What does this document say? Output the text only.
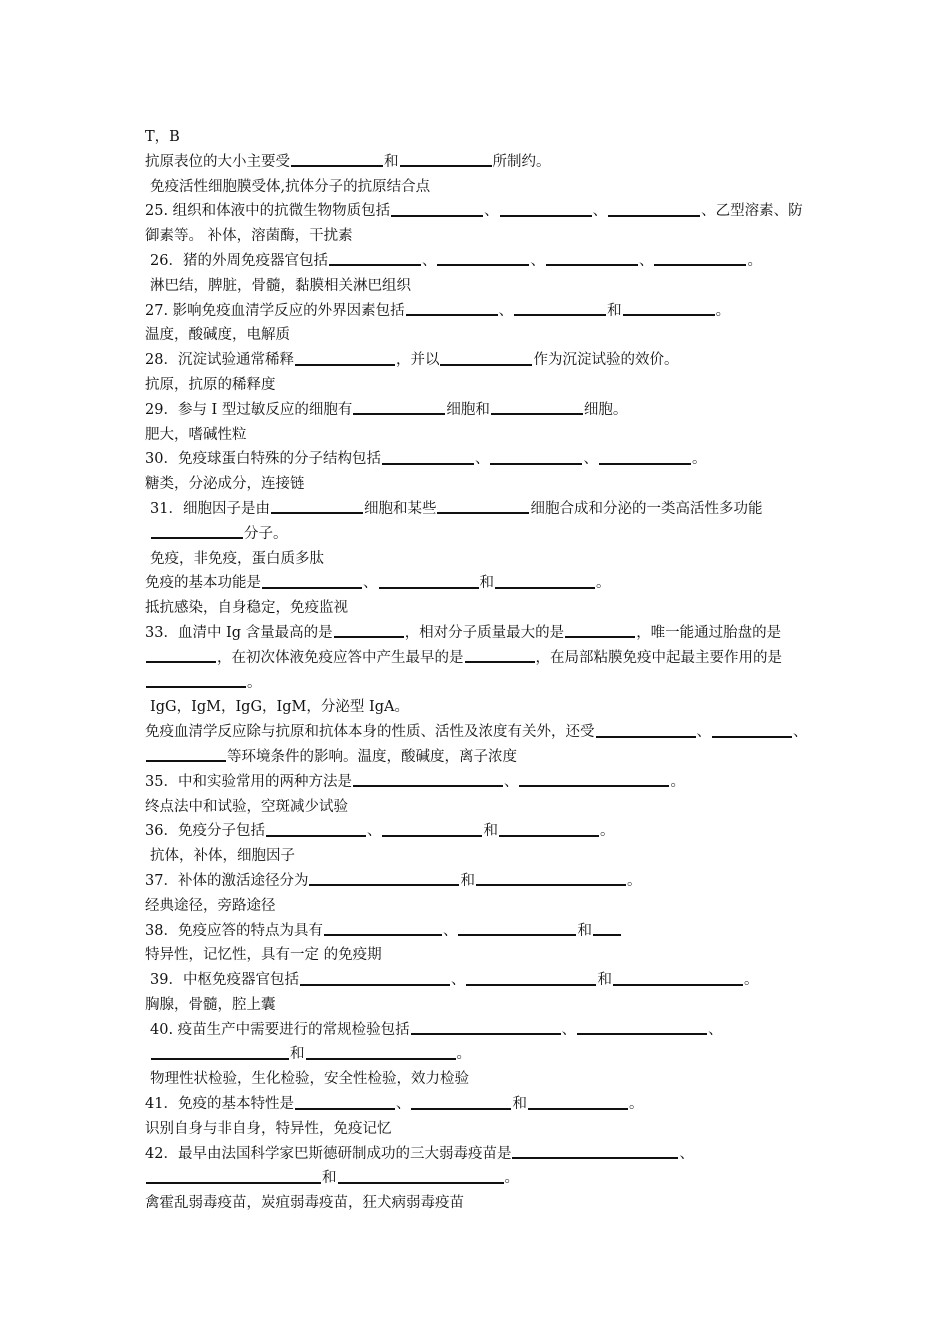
T，B
抗原表位的大小主要受	和	所制约。
免疫活性细胞膜受体,抗体分子的抗原结合点
25. 组织和体液中的抗微生物物质包括	、	、	、乙型溶素、防御素等。 补体，溶菌酶，干扰素
26．猪的外周免疫器官包括	、	、	、	。
淋巴结，脾脏，骨髓，黏膜相关淋巴组织
27. 影响免疫血清学反应的外界因素包括	、	和	。
温度，酸碱度，电解质
28．沉淀试验通常稀释	，并以	作为沉淀试验的效价。
抗原，抗原的稀释度
29．参与 I 型过敏反应的细胞有	细胞和	细胞。
肥大，嗜碱性粒
30．免疫球蛋白特殊的分子结构包括	、	、	。
糖类，分泌成分，连接链
31．细胞因子是由	细胞和某些	细胞合成和分泌的一类高活性多功能分子。
免疫，非免疫，蛋白质多肽
免疫的基本功能是	、	和	。
抵抗感染，自身稳定，免疫监视
33．血清中 Ig 含量最高的是	，相对分子质量最大的是	，唯一能通过胎盘的是，在初次体液免疫应答中产生最早的是	，在局部粘膜免疫中起最主要作用的是。
IgG，IgM，IgG，IgM，分泌型 IgA。
免疫血清学反应除与抗原和抗体本身的性质、活性及浓度有关外，还受	、	、等环境条件的影响。温度，酸碱度，离子浓度
35．中和实验常用的两种方法是	、	。
终点法中和试验，空斑减少试验
36．免疫分子包括	、	和	。
抗体，补体，细胞因子
37．补体的激活途径分为	和	。
经典途径，旁路途径
38．免疫应答的特点为具有	、	和
特异性，记忆性，具有一定 的免疫期
39．中枢免疫器官包括	、	和	。
胸腺，骨髓，腔上囊
40. 疫苗生产中需要进行的常规检验包括	、	、和	。
物理性状检验，生化检验，安全性检验，效力检验
41．免疫的基本特性是	、	和	。
识别自身与非自身，特异性，免疫记忆
42．最早由法国科学家巴斯德研制成功的三大弱毒疫苗是	、和	。
禽霍乱弱毒疫苗，炭疽弱毒疫苗，狂犬病弱毒疫苗
